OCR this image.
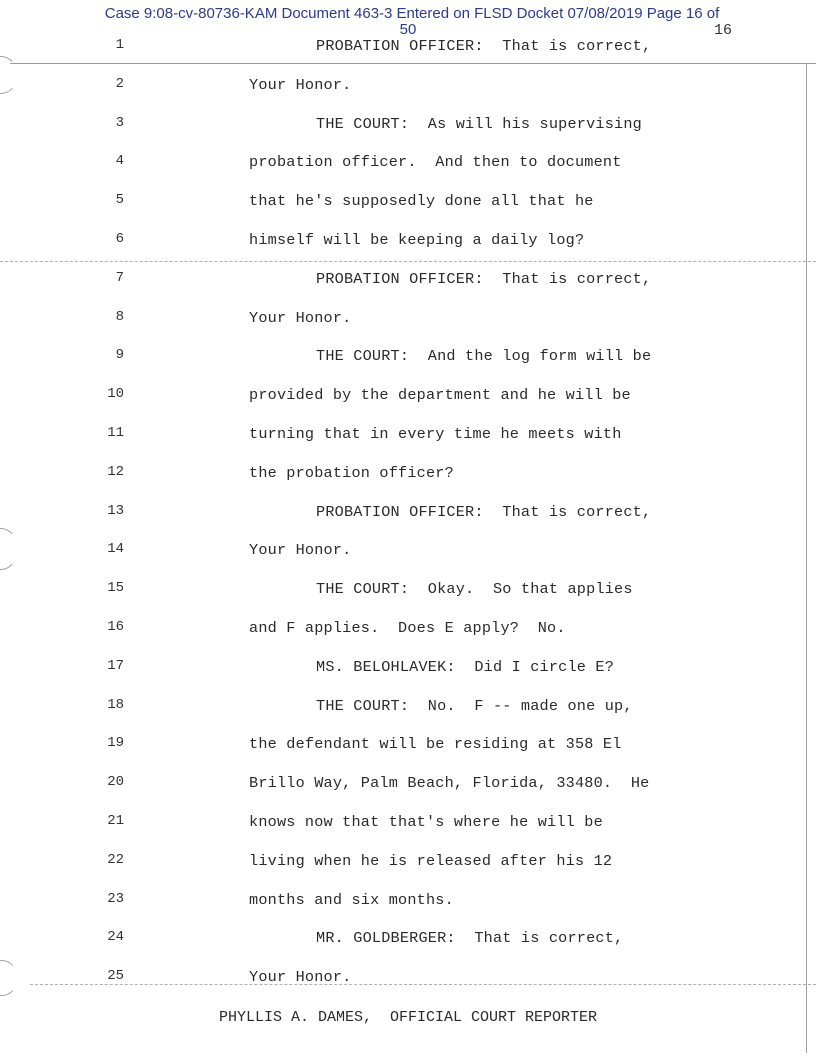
Case 9:08-cv-80736-KAM Document 463-3 Entered on FLSD Docket 07/08/2019 Page 16 of
50	16
1	PROBATION OFFICER:  That is correct,
2	Your Honor.
3	THE COURT:  As will his supervising
4	probation officer.  And then to document
5	that he's supposedly done all that he
6	himself will be keeping a daily log?
7	PROBATION OFFICER:  That is correct,
8	Your Honor.
9	THE COURT:  And the log form will be
10	provided by the department and he will be
11	turning that in every time he meets with
12	the probation officer?
13	PROBATION OFFICER:  That is correct,
14	Your Honor.
15	THE COURT:  Okay.  So that applies
16	and F applies.  Does E apply?  No.
17	MS. BELOHLAVEK:  Did I circle E?
18	THE COURT:  No.  F -- made one up,
19	the defendant will be residing at 358 El
20	Brillo Way, Palm Beach, Florida, 33480.  He
21	knows now that that's where he will be
22	living when he is released after his 12
23	months and six months.
24	MR. GOLDBERGER:  That is correct,
25	Your Honor.
PHYLLIS A. DAMES,  OFFICIAL COURT REPORTER
